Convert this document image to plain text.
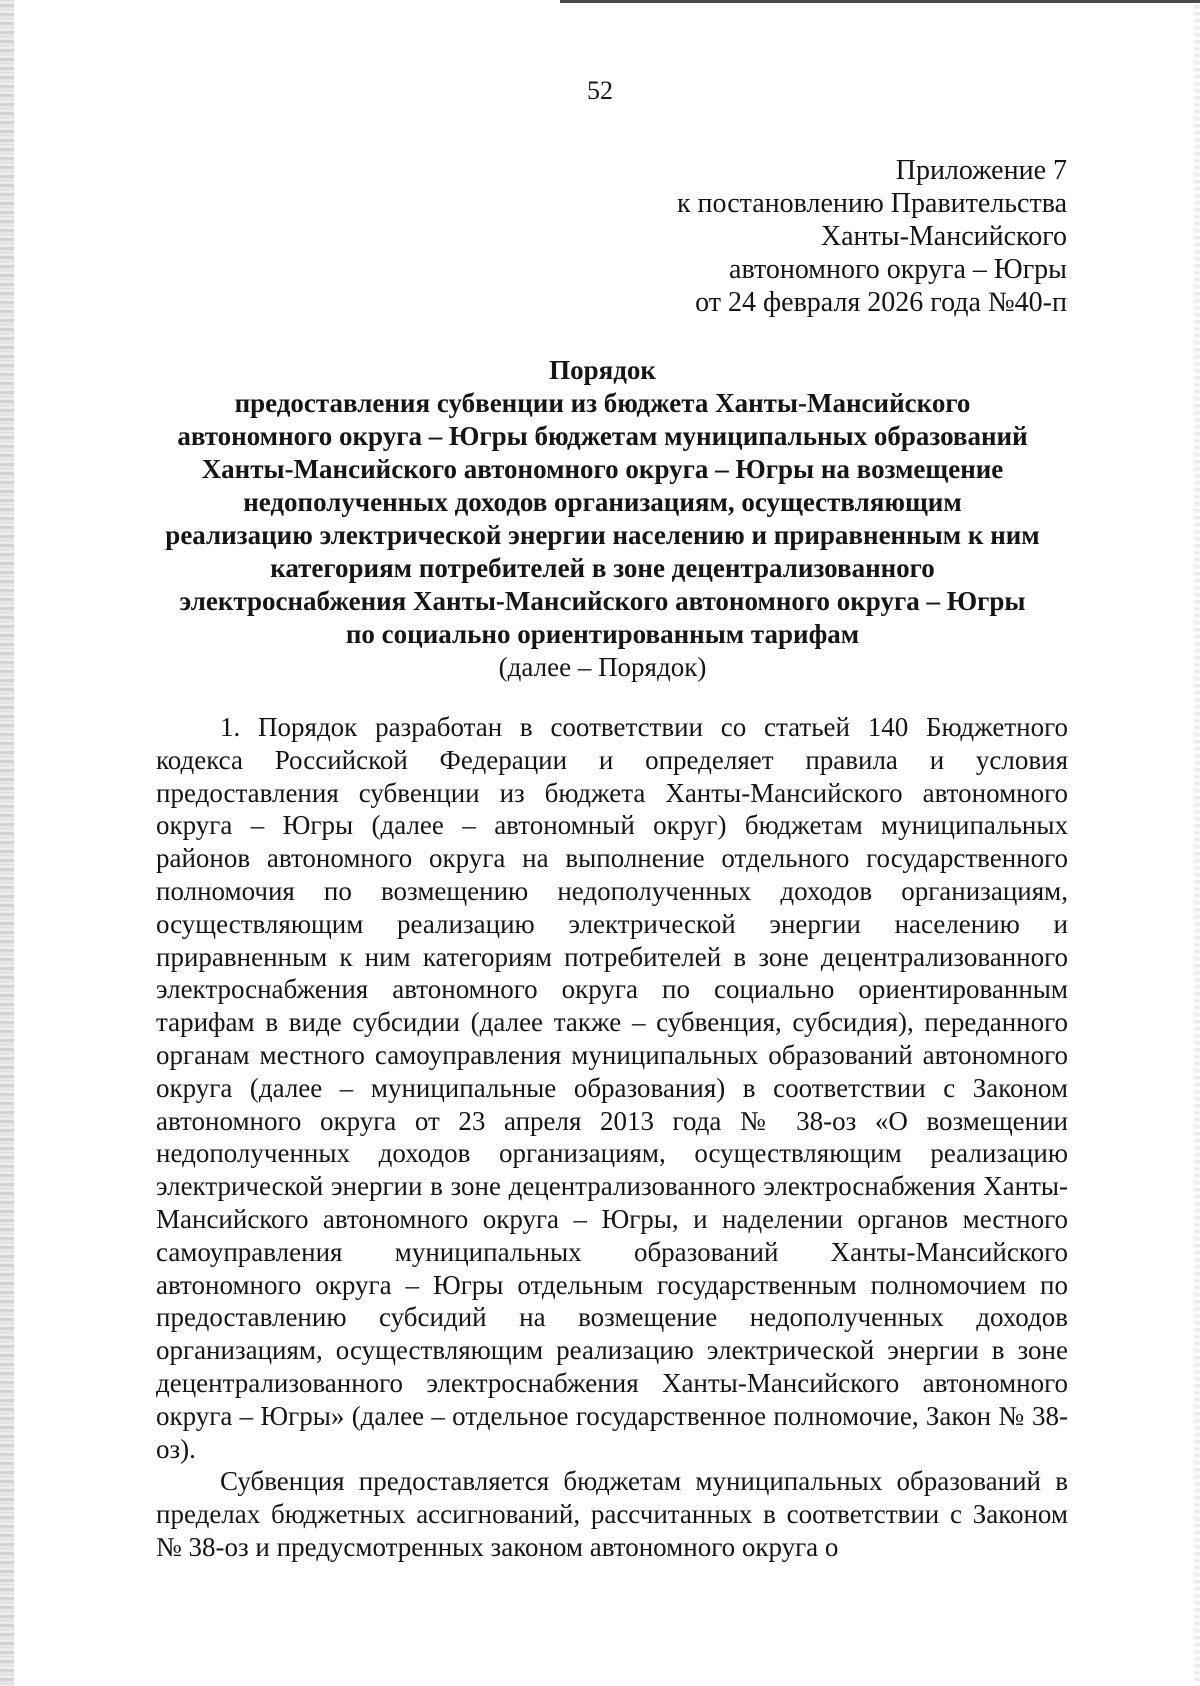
52
Приложение 7
к постановлению Правительства
Ханты-Мансийского
автономного округа – Югры
от 24 февраля 2026 года №40-п
Порядок
предоставления субвенции из бюджета Ханты-Мансийского
автономного округа – Югры бюджетам муниципальных образований
Ханты-Мансийского автономного округа – Югры на возмещение
недополученных доходов организациям, осуществляющим
реализацию электрической энергии населению и приравненным к ним
категориям потребителей в зоне децентрализованного
электроснабжения Ханты-Мансийского автономного округа – Югры
по социально ориентированным тарифам
(далее – Порядок)

1. Порядок разработан в соответствии со статьей 140 Бюджетного кодекса Российской Федерации и определяет правила и условия предоставления субвенции из бюджета Ханты-Мансийского автономного округа – Югры (далее – автономный округ) бюджетам муниципальных районов автономного округа на выполнение отдельного государственного полномочия по возмещению недополученных доходов организациям, осуществляющим реализацию электрической энергии населению и приравненным к ним категориям потребителей в зоне децентрализованного электроснабжения автономного округа по социально ориентированным тарифам в виде субсидии (далее также – субвенция, субсидия), переданного органам местного самоуправления муниципальных образований автономного округа (далее – муниципальные образования) в соответствии с Законом автономного округа от 23 апреля 2013 года № 38-оз «О возмещении недополученных доходов организациям, осуществляющим реализацию электрической энергии в зоне децентрализованного электроснабжения Ханты-Мансийского автономного округа – Югры, и наделении органов местного самоуправления муниципальных образований Ханты-Мансийского автономного округа – Югры отдельным государственным полномочием по предоставлению субсидий на возмещение недополученных доходов организациям, осуществляющим реализацию электрической энергии в зоне децентрализованного электроснабжения Ханты-Мансийского автономного округа – Югры» (далее – отдельное государственное полномочие, Закон № 38-оз).

Субвенция предоставляется бюджетам муниципальных образований в пределах бюджетных ассигнований, рассчитанных в соответствии с Законом № 38-оз и предусмотренных законом автономного округа о
